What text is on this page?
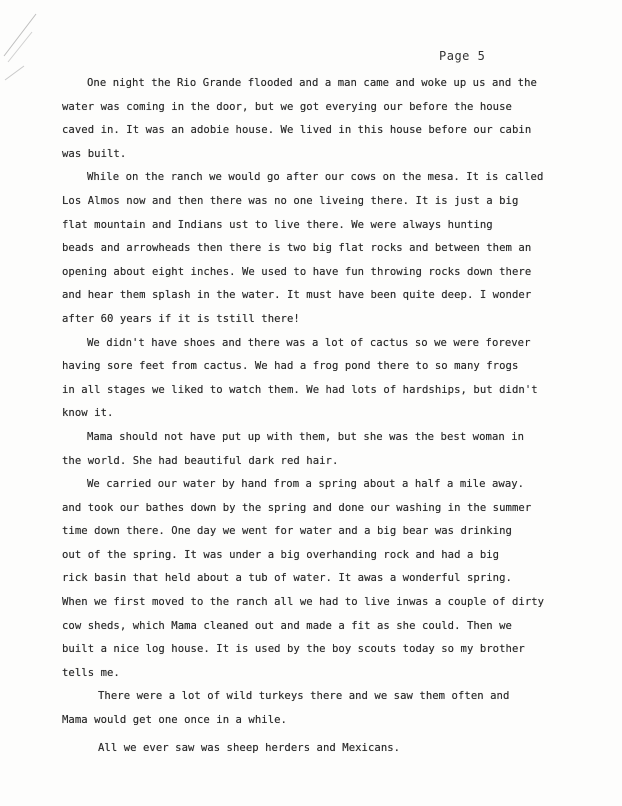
Page 5
One night the Rio Grande flooded and a man came and woke up us and the
water was coming in the door, but we got everying our before the house
caved in. It was an adobie house. We lived in this house before our cabin
was built.
While on the ranch we would go after our cows on the mesa. It is called
Los Almos now and then there was no one liveing there. It is just a big
flat mountain and Indians ust to live there. We were always hunting
beads and arrowheads then there is two big flat rocks and between them an
opening about eight inches. We used to have fun throwing rocks down there
and hear them splash in the water. It must have been quite deep. I wonder
after 60 years if it is tstill there!
We didn't have shoes and there was a lot of cactus so we were forever
having sore feet from cactus. We had a frog pond there to so many frogs
in all stages we liked to watch them. We had lots of hardships, but didn't
know it.
Mama should not have put up with them, but she was the best woman in
the world. She had beautiful dark red hair.
We carried our water by hand from a spring about a half a mile away.
and took our bathes down by the spring and done our washing in the summer
time down there. One day we went for water and a big bear was drinking
out of the spring. It was under a big overhanding rock and had a big
rick basin that held about a tub of water. It awas a wonderful spring.
When we first moved to the ranch all we had to live inwas a couple of dirty
cow sheds, which Mama cleaned out and made a fit as she could. Then we
built a nice log house. It is used by the boy scouts today so my brother
tells me.
There were a lot of wild turkeys there and we saw them often and
Mama would get one once in a while.
All we ever saw was sheep herders and Mexicans.
